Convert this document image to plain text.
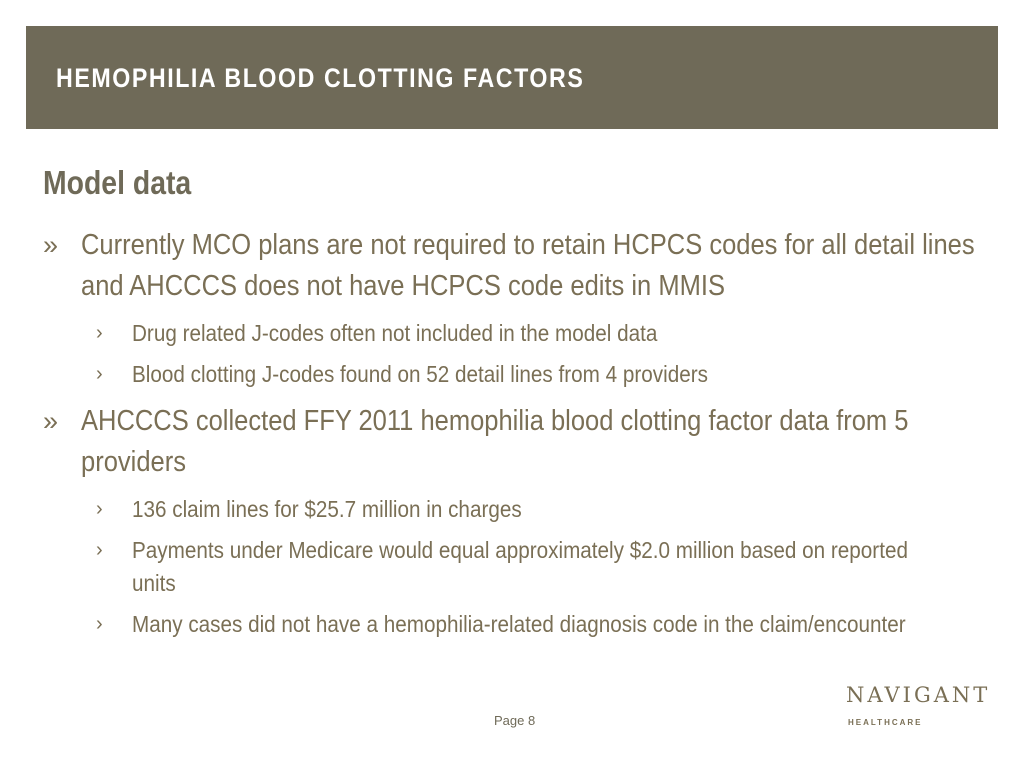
HEMOPHILIA BLOOD CLOTTING FACTORS
Model data
» Currently MCO plans are not required to retain HCPCS codes for all detail lines and AHCCCS does not have HCPCS code edits in MMIS
› Drug related J-codes often not included in the model data
› Blood clotting J-codes found on 52 detail lines from 4 providers
» AHCCCS collected FFY 2011 hemophilia blood clotting factor data from 5 providers
› 136 claim lines for $25.7 million in charges
› Payments under Medicare would equal approximately $2.0 million based on reported units
› Many cases did not have a hemophilia-related diagnosis code in the claim/encounter
Page 8
NAVIGANT
HEALTHCARE
